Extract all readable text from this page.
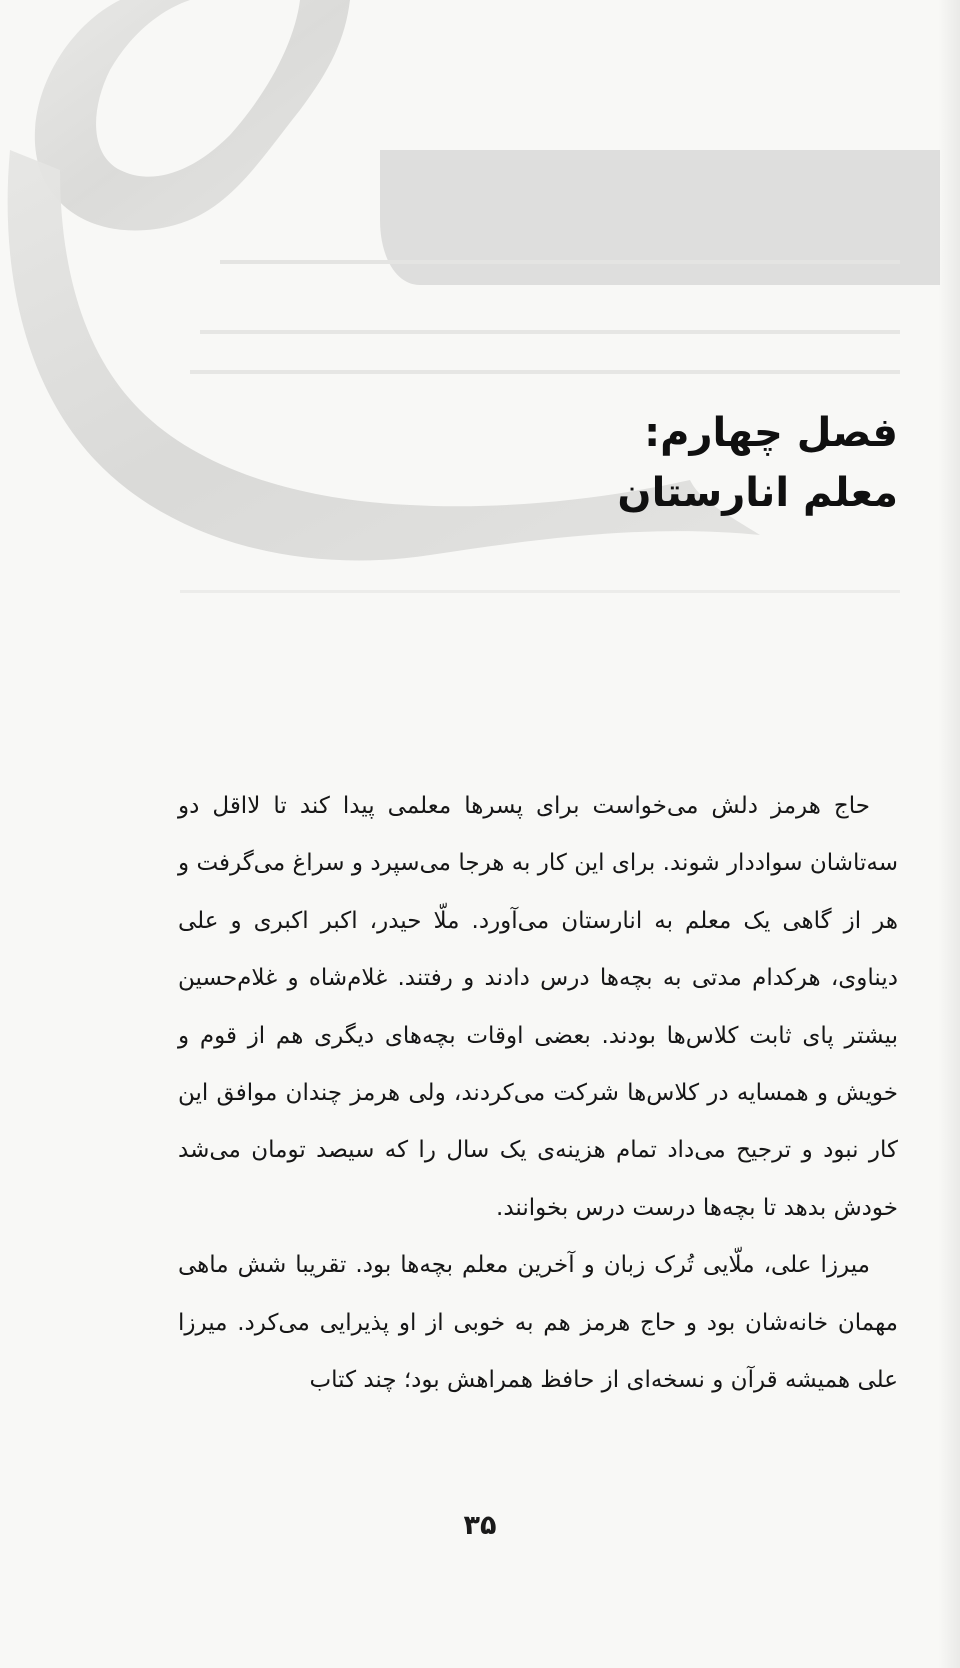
فصل چهارم:
معلم انارستان

حاج هرمز دلش می‌خواست برای پسرها معلمی پیدا کند تا لااقل دو سه‌تاشان سواددار شوند. برای این کار به هرجا می‌سپرد و سراغ می‌گرفت و هر از گاهی یک معلم به انارستان می‌آورد. ملّا حیدر، اکبر اکبری و علی دیناوی، هرکدام مدتی به بچه‌ها درس دادند و رفتند. غلام‌شاه و غلام‌حسین بیشتر پای ثابت کلاس‌ها بودند. بعضی اوقات بچه‌های دیگری هم از قوم و خویش و همسایه در کلاس‌ها شرکت می‌کردند، ولی هرمز چندان موافق این کار نبود و ترجیح می‌داد تمام هزینه‌ی یک سال را که سیصد تومان می‌شد خودش بدهد تا بچه‌ها درست درس بخوانند.

میرزا علی، ملّایی تُرک زبان و آخرین معلم بچه‌ها بود. تقریبا شش ماهی مهمان خانه‌شان بود و حاج هرمز هم به خوبی از او پذیرایی می‌کرد. میرزا علی همیشه قرآن و نسخه‌ای از حافظ همراهش بود؛ چند کتاب

۳۵
